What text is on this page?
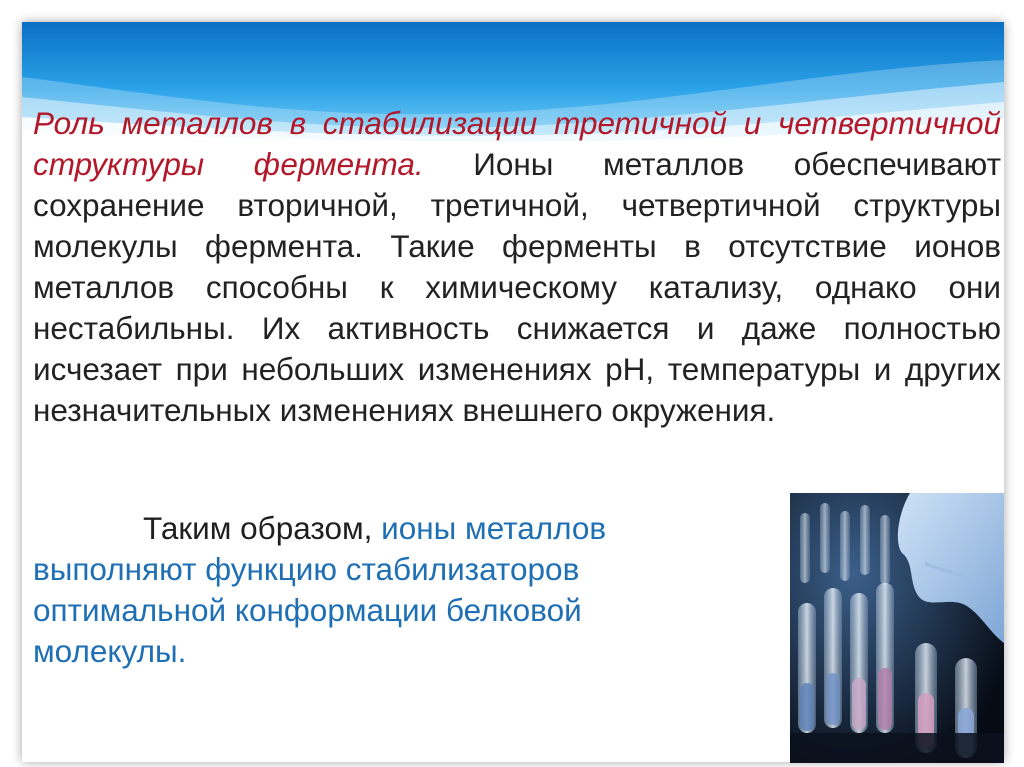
Роль металлов в стабилизации третичной и четвертичной структуры фермента. Ионы металлов обеспечивают сохранение вторичной, третичной, четвертичной структуры молекулы фермента. Такие ферменты в отсутствие ионов металлов способны к химическому катализу, однако они нестабильны. Их активность снижается и даже полностью исчезает при небольших изменениях pH, температуры и других незначительных изменениях внешнего окружения.
Таким образом, ионы металлов выполняют функцию стабилизаторов оптимальной конформации белковой молекулы.
